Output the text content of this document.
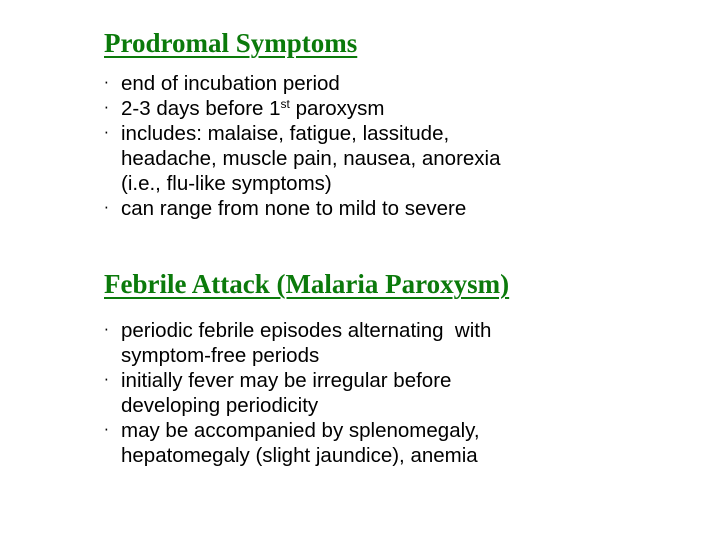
Prodromal Symptoms
· end of incubation period
· 2-3 days before 1st paroxysm
· includes: malaise, fatigue, lassitude,
headache, muscle pain, nausea, anorexia
(i.e., flu-like symptoms)
· can range from none to mild to severe
Febrile Attack (Malaria Paroxysm)
· periodic febrile episodes alternating  with
symptom-free periods
· initially fever may be irregular before
developing periodicity
· may be accompanied by splenomegaly,
hepatomegaly (slight jaundice), anemia
